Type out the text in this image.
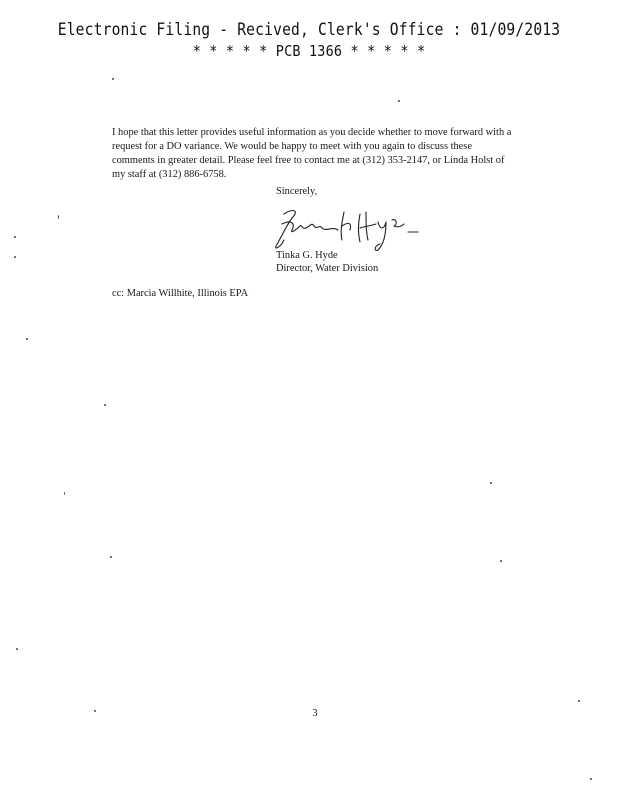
Electronic Filing - Recived, Clerk's Office : 01/09/2013
* * * * * PCB 1366 * * * * *
I hope that this letter provides useful information as you decide whether to move forward with a
request for a DO variance. We would be happy to meet with you again to discuss these
comments in greater detail. Please feel free to contact me at (312) 353-2147, or Linda Holst of
my staff at (312) 886-6758.
Sincerely,
Tinka G. Hyde
Director, Water Division
cc: Marcia Willhite, Illinois EPA
3
